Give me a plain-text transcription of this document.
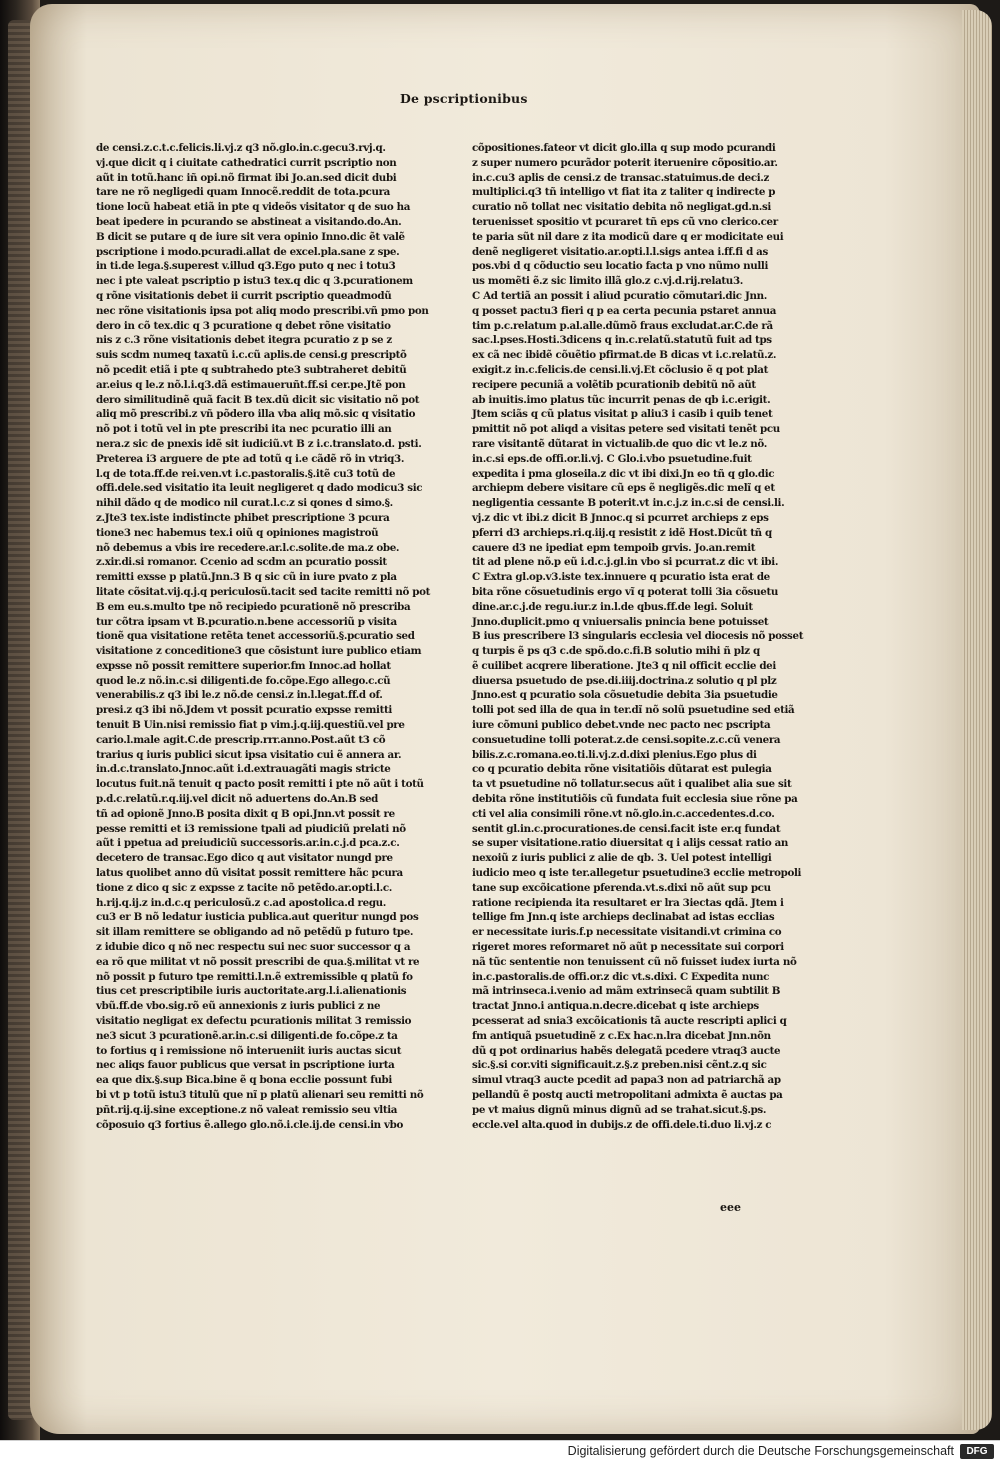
De pscriptionibus
de censi.z.c.t.c.felicis.li.vj.z q3 nõ.glo.in.c.gecu3.rvj.q.
vj.que dicit q i ciuitate cathedratici currit pscriptio non
aũt in totũ.hanc iñ opi.nõ firmat ibi Jo.an.sed dicit dubi
tare ne rõ negligedi quam Innocẽ.reddit de tota.pcura
tione locũ habeat etiã in pte q videõs visitator q de suo ha
beat ipedere in pcurando se abstineat a visitando.do.An.
B dicit se putare q de iure sit vera opinio Inno.dic ẽt valẽ
pscriptione i modo.pcuradi.allat de excel.pla.sane z spe.
in ti.de lega.§.superest v.illud q3.Ego puto q nec i totu3
nec i pte valeat pscriptio p istu3 tex.q dic q 3.pcurationem
q rõne visitationis debet ii currit pscriptio queadmodũ
nec rõne visitationis ipsa pot aliq modo prescribi.vñ pmo pon
dero in cõ tex.dic q 3 pcuratione q debet rõne visitatio
nis z c.3 rõne visitationis debet itegra pcuratio z p se z
suis scdm numeq taxatũ i.c.cũ aplis.de censi.g prescriptõ
nõ pcedit etiã i pte q subtrahedo pte3 subtraheret debitũ
ar.eius q le.z nõ.l.i.q3.dã estimaueruñt.ff.si cer.pe.Jtẽ pon
dero similitudinẽ quã facit B tex.dũ dicit sic visitatio nõ pot
aliq mõ prescribi.z vñ põdero illa vba aliq mõ.sic q visitatio
nõ pot i totũ vel in pte prescribi ita nec pcuratio illi an
nera.z sic de pnexis idẽ sit iudiciũ.vt B z i.c.translato.d. psti.
Preterea i3 arguere de pte ad totũ q i.e cãdẽ rõ in vtriq3.
l.q de tota.ff.de rei.ven.vt i.c.pastoralis.§.itẽ cu3 totũ de
offi.dele.sed visitatio ita leuit negligeret q dado modicu3 sic
nihil dãdo q de modico nil curat.l.c.z si qones d simo.§.
z.Jte3 tex.iste indistincte phibet prescriptione 3 pcura
tione3 nec habemus tex.i oiũ q opiniones magistroũ
nõ debemus a vbis ire recedere.ar.l.c.solite.de ma.z obe.
z.xir.di.si romanor. Ccenio ad scdm an pcuratio possit
remitti exsse p platũ.Jnn.3 B q sic cũ in iure pvato z pla
litate cõsitat.vij.q.j.q periculosũ.tacit sed tacite remitti nõ pot
B em eu.s.multo tpe nõ recipiedo pcurationẽ nõ prescriba
tur cõtra ipsam vt B.pcuratio.n.bene accessoriũ p visita
tionẽ qua visitatione retẽta tenet accessoriũ.§.pcuratio sed
visitatione z conceditione3 que cõsistunt iure publico etiam
expsse nõ possit remittere superior.fm Innoc.ad hollat
quod le.z nõ.in.c.si diligenti.de fo.cõpe.Ego allego.c.cũ
venerabilis.z q3 ibi le.z nõ.de censi.z in.l.legat.ff.d of.
presi.z q3 ibi nõ.Jdem vt possit pcuratio expsse remitti
tenuit B Uin.nisi remissio fiat p vim.j.q.iij.questiũ.vel pre
cario.l.male agit.C.de prescrip.rrr.anno.Post.aũt t3 cõ
trarius q iuris publici sicut ipsa visitatio cui ẽ annera ar.
in.d.c.translato.Jnnoc.aũt i.d.extrauagãti magis stricte
locutus fuit.nã tenuit q pacto posit remitti i pte nõ aũt i totũ
p.d.c.relatũ.r.q.iij.vel dicit nõ aduertens do.An.B sed
tñ ad opionẽ Jnno.B posita dixit q B opi.Jnn.vt possit re
pesse remitti et i3 remissione tpali ad piudiciũ prelati nõ
aũt i ppetua ad preiudiciũ successoris.ar.in.c.j.d pca.z.c.
decetero de transac.Ego dico q aut visitator nungd pre
latus quolibet anno dũ visitat possit remittere hãc pcura
tione z dico q sic z expsse z tacite nõ petẽdo.ar.opti.l.c.
h.rij.q.ij.z in.d.c.q periculosũ.z c.ad apostolica.d regu.
cu3 er B nõ ledatur iusticia publica.aut queritur nungd pos
sit illam remittere se obligando ad nõ petẽdũ p futuro tpe.
z idubie dico q nõ nec respectu sui nec suor successor q a
ea rõ que militat vt nõ possit prescribi de qua.§.militat vt re
nõ possit p futuro tpe remitti.l.n.ẽ extremissible q platũ fo
tius cet prescriptibile iuris auctoritate.arg.l.i.alienationis
vbũ.ff.de vbo.sig.rõ eũ annexionis z iuris publici z ne
visitatio negligat ex defectu pcurationis militat 3 remissio
ne3 sicut 3 pcurationẽ.ar.in.c.si diligenti.de fo.cõpe.z ta
to fortius q i remissione nõ interueniit iuris auctas sicut
nec aliqs fauor publicus que versat in pscriptione iurta
ea que dix.§.sup Bica.bine ẽ q bona ecclie possunt fubi
bi vt p totũ istu3 titulũ que nĩ p platũ alienari seu remitti nõ
pñt.rij.q.ij.sine exceptione.z nõ valeat remissio seu vltia
cõposuio q3 fortius ẽ.allego glo.nõ.i.cle.ij.de censi.in vbo
cõpositiones.fateor vt dicit glo.illa q sup modo pcurandi
z super numero pcurãdor poterit iteruenire cõpositio.ar.
in.c.cu3 aplis de censi.z de transac.statuimus.de deci.z
multiplici.q3 tñ intelligo vt fiat ita z taliter q indirecte p
curatio nõ tollat nec visitatio debita nõ negligat.gd.n.si
teruenisset spositio vt pcuraret tñ eps cũ vno clerico.cer
te paria sũt nil dare z ita modicũ dare q er modicitate eui
denẽ negligeret visitatio.ar.opti.l.l.sigs antea i.ff.fi d as
pos.vbi d q cõductio seu locatio facta p vno nũmo nulli
us momẽti ẽ.z sic limito illã glo.z c.vj.d.rij.relatu3.
C Ad tertiã an possit i aliud pcuratio cõmutari.dic Jnn.
q posset pactu3 fieri q p ea certa pecunia pstaret annua
tim p.c.relatum p.al.alle.dũmõ fraus excludat.ar.C.de rã
sac.l.pses.Hosti.3dicens q in.c.relatũ.statutũ fuit ad tps
ex cã nec ibidẽ cõuẽtio pfirmat.de B dicas vt i.c.relatũ.z.
exigit.z in.c.felicis.de censi.li.vj.Et cõclusio ẽ q pot plat
recipere pecuniã a volẽtib pcurationib debitũ nõ aũt
ab inuitis.imo platus tũc incurrit penas de qb i.c.erigit.
Jtem sciãs q cũ platus visitat p aliu3 i casib i quib tenet
pmittit nõ pot aliqd a visitas petere sed visitati tenẽt pcu
rare visitantẽ dũtarat in victualib.de quo dic vt le.z nõ.
in.c.si eps.de offi.or.li.vj. C Glo.i.vbo psuetudine.fuit
expedita i pma gloseila.z dic vt ibi dixi.Jn eo tñ q glo.dic
archiepm debere visitare cũ eps ẽ negligẽs.dic melĩ q et
negligentia cessante B poterit.vt in.c.j.z in.c.si de censi.li.
vj.z dic vt ibi.z dicit B Jnnoc.q si pcurret archieps z eps
pferri d3 archieps.ri.q.iij.q resistit z idẽ Host.Dicũt tñ q
cauere d3 ne ipediat epm tempoib grvis. Jo.an.remit
tit ad plene nõ.p eũ i.d.c.j.gl.in vbo si pcurrat.z dic vt ibi.
C Extra gl.op.v3.iste tex.innuere q pcuratio ista erat de
bita rõne cõsuetudinis ergo vĩ q poterat tolli 3ia cõsuetu
dine.ar.c.j.de regu.iur.z in.l.de qbus.ff.de legi. Soluit
Jnno.duplicit.pmo q vniuersalis pnincia bene potuisset
B ius prescribere l3 singularis ecclesia vel diocesis nõ posset
q turpis ẽ ps q3 c.de spõ.do.c.fi.B solutio mihi ñ plz q
ẽ cuilibet acqrere liberatione. Jte3 q nil officit ecclie dei
diuersa psuetudo de pse.di.iiij.doctrina.z solutio q pl plz
Jnno.est q pcuratio sola cõsuetudie debita 3ia psuetudie
tolli pot sed illa de qua in ter.dĩ nõ solũ psuetudine sed etiã
iure cõmuni publico debet.vnde nec pacto nec pscripta
consuetudine tolli poterat.z.de censi.sopite.z.c.cũ venera
bilis.z.c.romana.eo.ti.li.vj.z.d.dixi plenius.Ego plus di
co q pcuratio debita rõne visitatiõis dũtarat est pulegia
ta vt psuetudine nõ tollatur.secus aũt i qualibet alia sue sit
debita rõne institutiõis cũ fundata fuit ecclesia siue rõne pa
cti vel alia consimili rõne.vt nõ.glo.in.c.accedentes.d.co.
sentit gl.in.c.procurationes.de censi.facit iste er.q fundat
se super visitatione.ratio diuersitat q i alijs cessat ratio an
nexoiũ z iuris publici z alie de qb. 3. Uel potest intelligi
iudicio meo q iste ter.allegetur psuetudine3 ecclie metropoli
tane sup excõicatione pferenda.vt.s.dixi nõ aũt sup pcu
ratione recipienda ita resultaret er lra 3iectas qdã. Jtem i
tellige fm Jnn.q iste archieps declinabat ad istas ecclias
er necessitate iuris.f.p necessitate visitandi.vt crimina co
rigeret mores reformaret nõ aũt p necessitate sui corpori
nã tũc sententie non tenuissent cũ nõ fuisset iudex iurta nõ
in.c.pastoralis.de offi.or.z dic vt.s.dixi. C Expedita nunc
mã intrinseca.i.venio ad mãm extrinsecã quam subtilit B
tractat Jnno.i antiqua.n.decre.dicebat q iste archieps
pcesserat ad snia3 excõicationis tã aucte rescripti aplici q
fm antiquã psuetudinẽ z c.Ex hac.n.lra dicebat Jnn.nõn
dũ q pot ordinarius habẽs delegatã pcedere vtraq3 aucte
sic.§.si cor.viti significauit.z.§.z preben.nisi cẽnt.z.q sic
simul vtraq3 aucte pcedit ad papa3 non ad patriarchã ap
pellandũ ẽ postq aucti metropolitani admixta ẽ auctas pa
pe vt maius dignũ minus dignũ ad se trahat.sicut.§.ps.
eccle.vel alta.quod in dubijs.z de offi.dele.ti.duo li.vj.z c
eee
Digitalisierung gefördert durch die Deutsche Forschungsgemeinschaft	DFG
